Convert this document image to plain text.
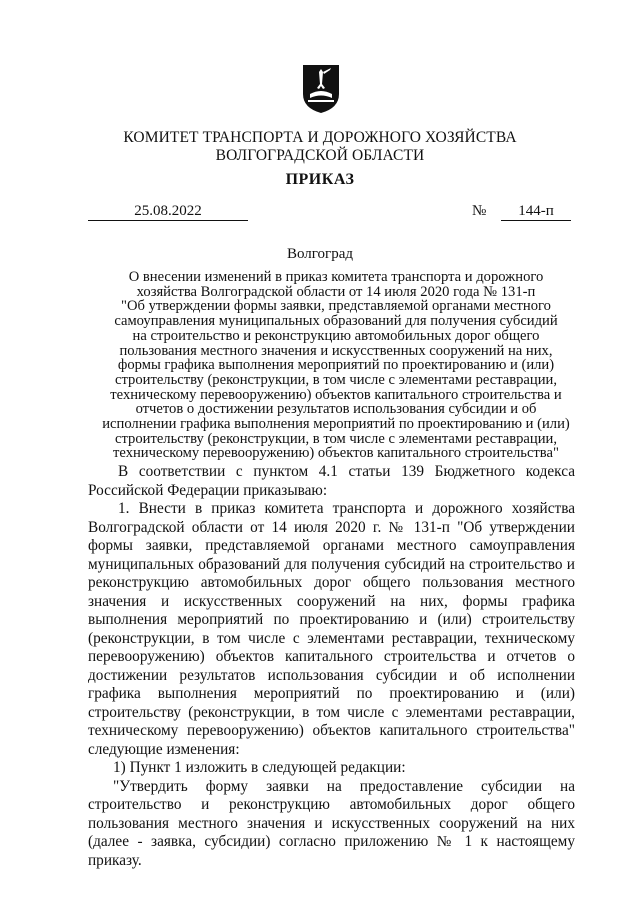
КОМИТЕТ ТРАНСПОРТА И ДОРОЖНОГО ХОЗЯЙСТВА
ВОЛГОГРАДСКОЙ ОБЛАСТИ
ПРИКАЗ
25.08.2022	№	144-п
Волгоград
О внесении изменений в приказ комитета транспорта и дорожного
хозяйства Волгоградской области от 14 июля 2020 года № 131-п
"Об утверждении формы заявки, представляемой органами местного
самоуправления муниципальных образований для получения субсидий
на строительство и реконструкцию автомобильных дорог общего
пользования местного значения и искусственных сооружений на них,
формы графика выполнения мероприятий по проектированию и (или)
строительству (реконструкции, в том числе с элементами реставрации,
техническому перевооружению) объектов капитального строительства и
отчетов о достижении результатов использования субсидии и об
исполнении графика выполнения мероприятий по проектированию и (или)
строительству (реконструкции, в том числе с элементами реставрации,
техническому перевооружению) объектов капитального строительства"

В соответствии с пунктом 4.1 статьи 139 Бюджетного кодекса Российской Федерации приказываю:

1. Внести в приказ комитета транспорта и дорожного хозяйства Волгоградской области от 14 июля 2020 г. № 131-п "Об утверждении формы заявки, представляемой органами местного самоуправления муниципальных образований для получения субсидий на строительство и реконструкцию автомобильных дорог общего пользования местного значения и искусственных сооружений на них, формы графика выполнения мероприятий по проектированию и (или) строительству (реконструкции, в том числе с элементами реставрации, техническому перевооружению) объектов капитального строительства и отчетов о достижении результатов использования субсидии и об исполнении графика выполнения мероприятий по проектированию и (или) строительству (реконструкции, в том числе с элементами реставрации, техническому перевооружению) объектов капитального строительства" следующие изменения:

1) Пункт 1 изложить в следующей редакции:

"Утвердить форму заявки на предоставление субсидии на строительство и реконструкцию автомобильных дорог общего пользования местного значения и искусственных сооружений на них (далее - заявка, субсидии) согласно приложению № 1 к настоящему приказу.
